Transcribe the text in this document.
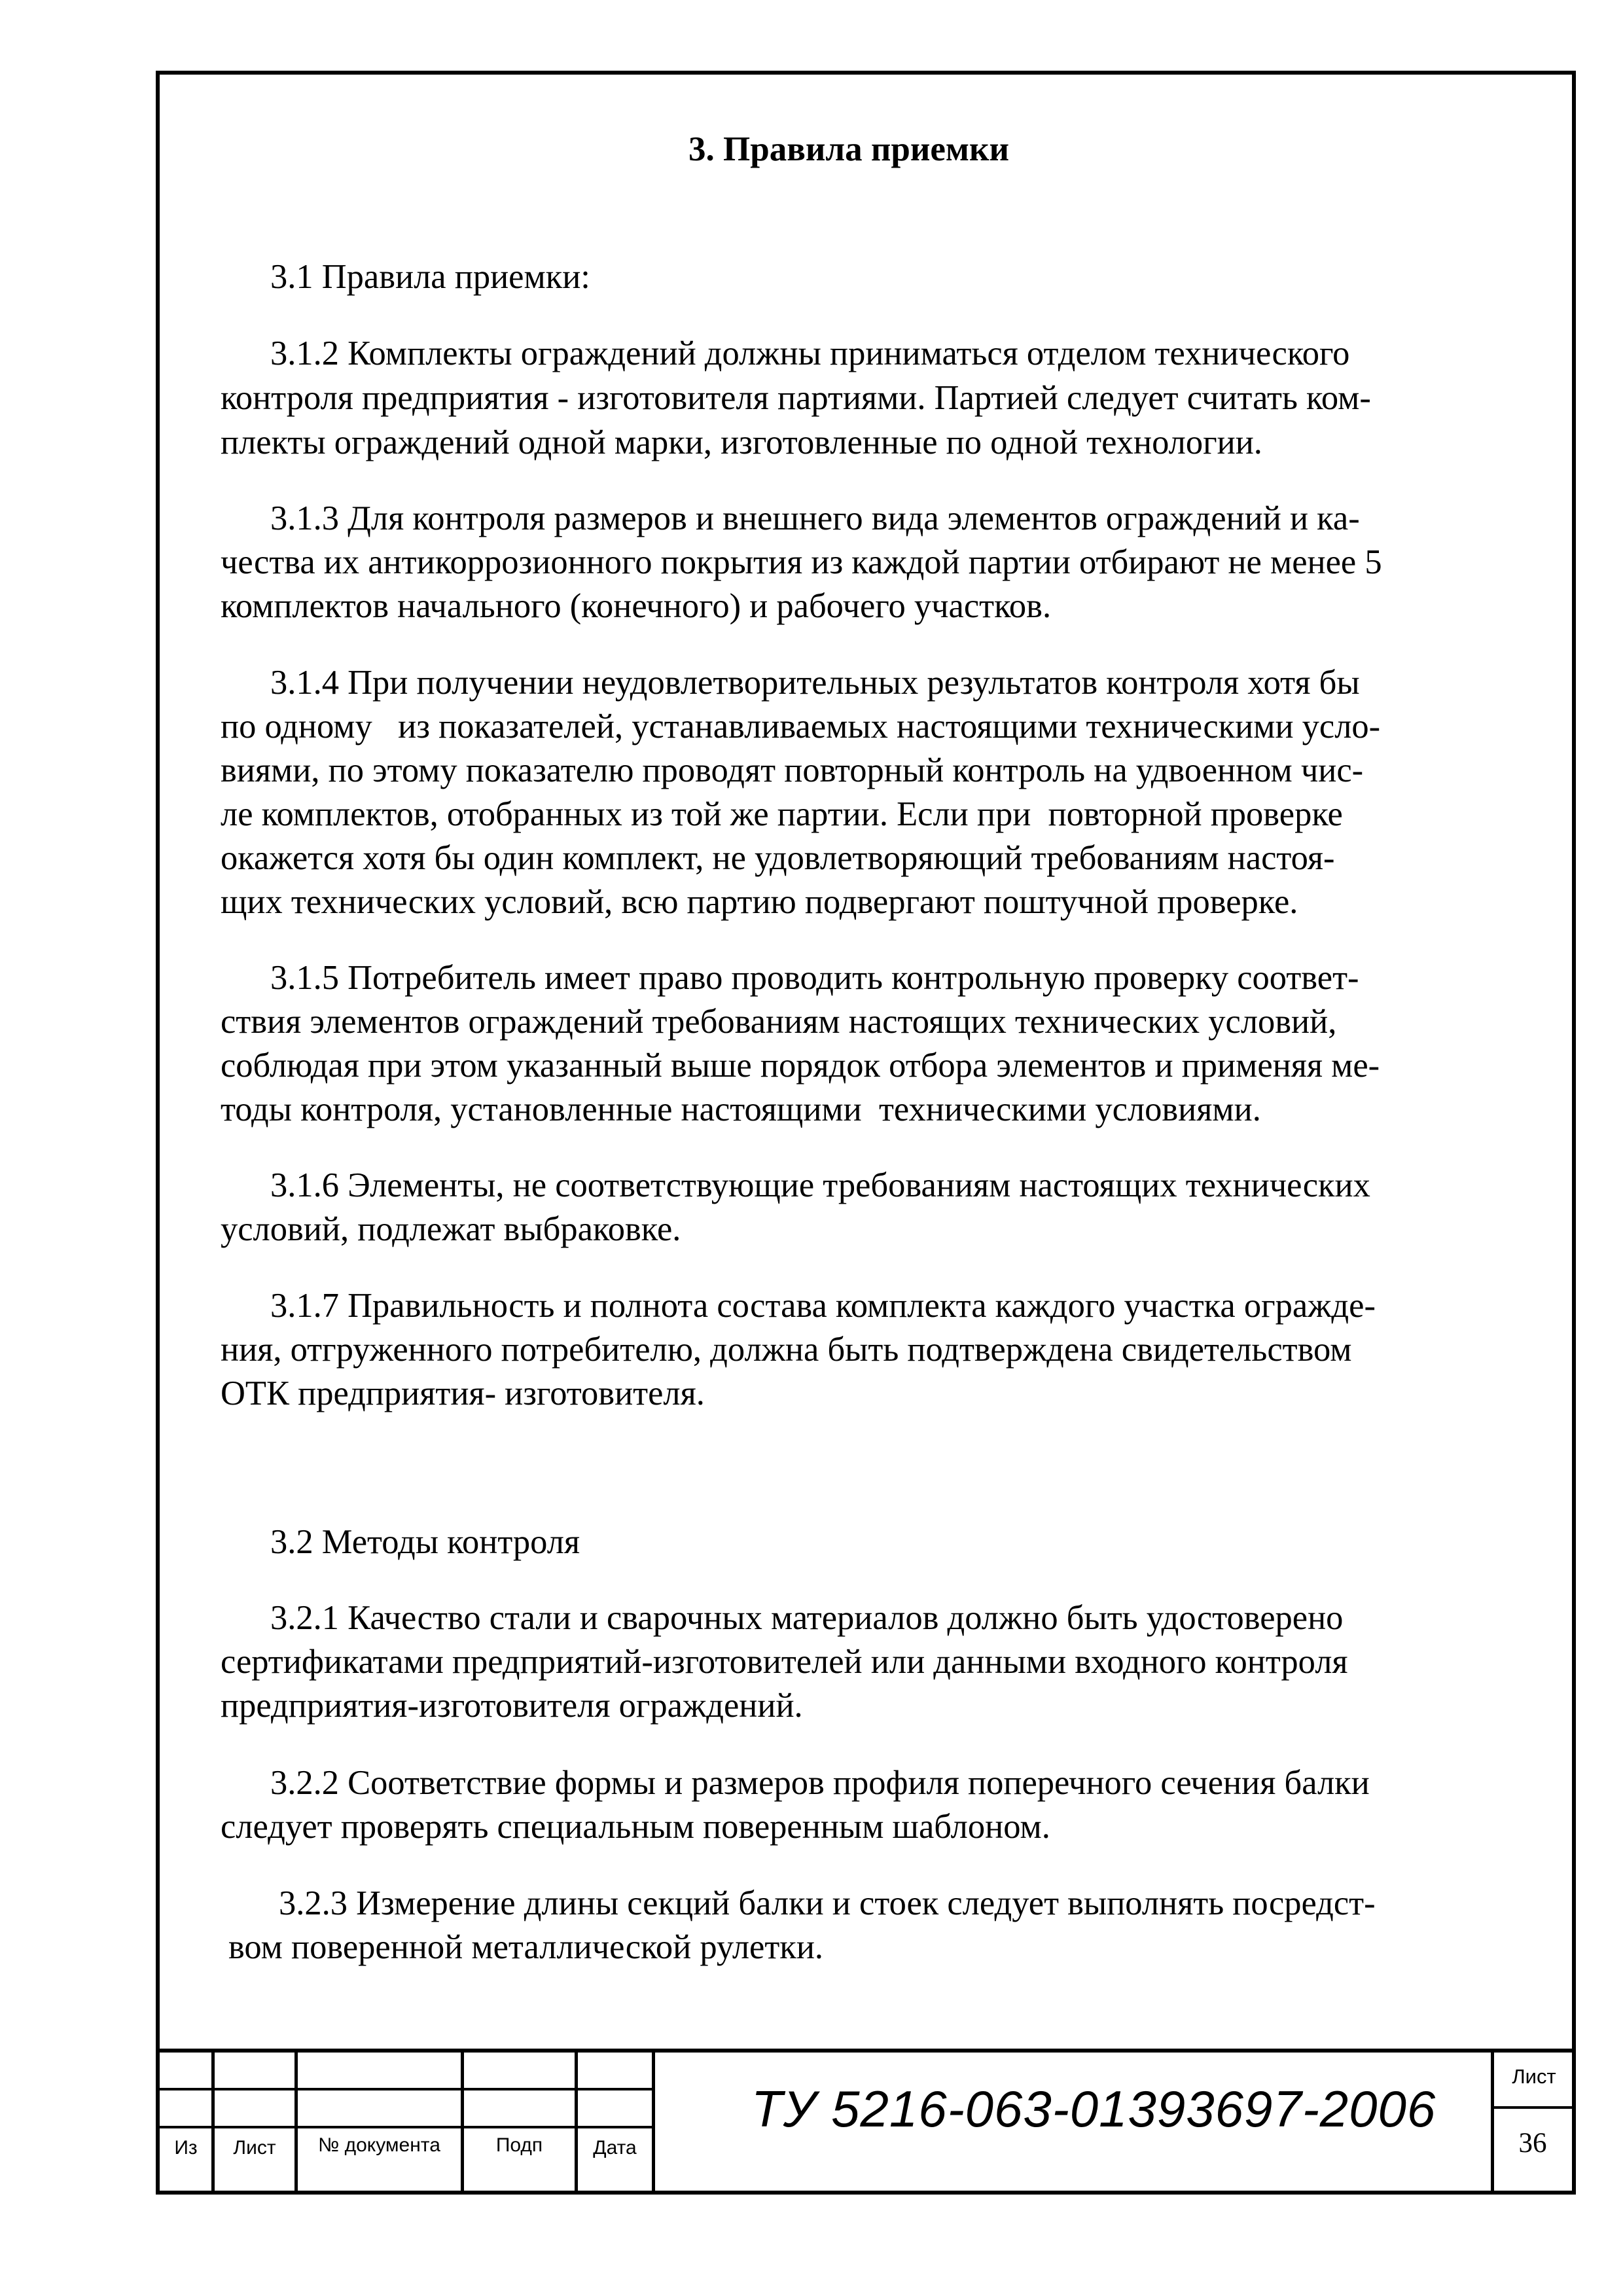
3. Правила приемки
3.1 Правила приемки:
3.1.2 Комплекты ограждений должны приниматься отделом технического
контроля предприятия - изготовителя партиями. Партией следует считать ком-
плекты ограждений одной марки, изготовленные по одной технологии.
3.1.3 Для контроля размеров и внешнего вида элементов ограждений и ка-
чества их антикоррозионного покрытия из каждой партии отбирают не менее 5
комплектов начального (конечного) и рабочего участков.
3.1.4 При получении неудовлетворительных результатов контроля хотя бы
по одному   из показателей, устанавливаемых настоящими техническими усло-
виями, по этому показателю проводят повторный контроль на удвоенном чис-
ле комплектов, отобранных из той же партии. Если при  повторной проверке
окажется хотя бы один комплект, не удовлетворяющий требованиям настоя-
щих технических условий, всю партию подвергают поштучной проверке.
3.1.5 Потребитель имеет право проводить контрольную проверку соответ-
ствия элементов ограждений требованиям настоящих технических условий,
соблюдая при этом указанный выше порядок отбора элементов и применяя ме-
тоды контроля, установленные настоящими  техническими условиями.
3.1.6 Элементы, не соответствующие требованиям настоящих технических
условий, подлежат выбраковке.
3.1.7 Правильность и полнота состава комплекта каждого участка огражде-
ния, отгруженного потребителю, должна быть подтверждена свидетельством
ОТК предприятия- изготовителя.
3.2 Методы контроля
3.2.1 Качество стали и сварочных материалов должно быть удостоверено
сертификатами предприятий-изготовителей или данными входного контроля
предприятия-изготовителя ограждений.
3.2.2 Соответствие формы и размеров профиля поперечного сечения балки
следует проверять специальным поверенным шаблоном.
3.2.3 Измерение длины секций балки и стоек следует выполнять посредст-
вом поверенной металлической рулетки.
Из	Лист	№ документа	Подп	Дата
ТУ 5216-063-01393697-2006
Лист
36
